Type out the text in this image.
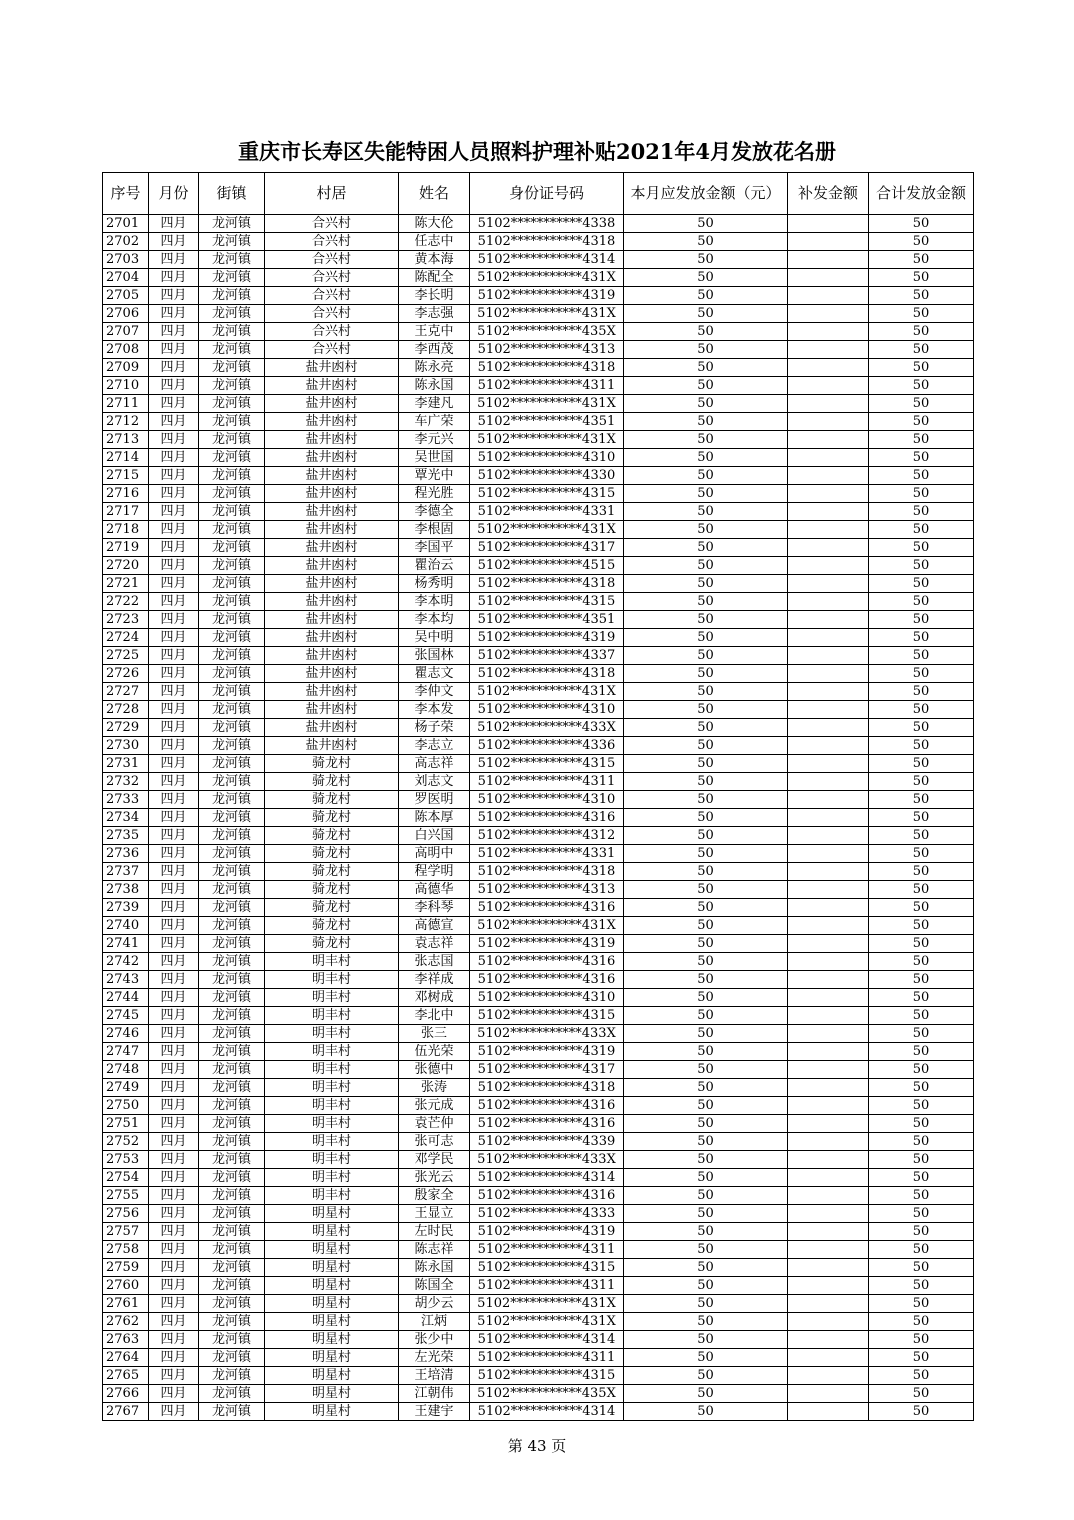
重庆市长寿区失能特困人员照料护理补贴2021年4月发放花名册
序号	月份	街镇	村居	姓名	身份证号码	本月应发放金额（元）	补发金额	合计发放金额
2701	四月	龙河镇	合兴村	陈大伦	5102***********4338	50		50
2702	四月	龙河镇	合兴村	任志中	5102***********4318	50		50
2703	四月	龙河镇	合兴村	黄本海	5102***********4314	50		50
2704	四月	龙河镇	合兴村	陈配全	5102***********431X	50		50
2705	四月	龙河镇	合兴村	李长明	5102***********4319	50		50
2706	四月	龙河镇	合兴村	李志强	5102***********431X	50		50
2707	四月	龙河镇	合兴村	王克中	5102***********435X	50		50
2708	四月	龙河镇	合兴村	李西茂	5102***********4313	50		50
2709	四月	龙河镇	盐井凼村	陈永亮	5102***********4318	50		50
2710	四月	龙河镇	盐井凼村	陈永国	5102***********4311	50		50
2711	四月	龙河镇	盐井凼村	李建凡	5102***********431X	50		50
2712	四月	龙河镇	盐井凼村	车广荣	5102***********4351	50		50
2713	四月	龙河镇	盐井凼村	李元兴	5102***********431X	50		50
2714	四月	龙河镇	盐井凼村	吴世国	5102***********4310	50		50
2715	四月	龙河镇	盐井凼村	覃光中	5102***********4330	50		50
2716	四月	龙河镇	盐井凼村	程光胜	5102***********4315	50		50
2717	四月	龙河镇	盐井凼村	李德全	5102***********4331	50		50
2718	四月	龙河镇	盐井凼村	李根固	5102***********431X	50		50
2719	四月	龙河镇	盐井凼村	李国平	5102***********4317	50		50
2720	四月	龙河镇	盐井凼村	瞿治云	5102***********4515	50		50
2721	四月	龙河镇	盐井凼村	杨秀明	5102***********4318	50		50
2722	四月	龙河镇	盐井凼村	李本明	5102***********4315	50		50
2723	四月	龙河镇	盐井凼村	李本均	5102***********4351	50		50
2724	四月	龙河镇	盐井凼村	吴中明	5102***********4319	50		50
2725	四月	龙河镇	盐井凼村	张国林	5102***********4337	50		50
2726	四月	龙河镇	盐井凼村	瞿志文	5102***********4318	50		50
2727	四月	龙河镇	盐井凼村	李仲文	5102***********431X	50		50
2728	四月	龙河镇	盐井凼村	李本发	5102***********4310	50		50
2729	四月	龙河镇	盐井凼村	杨子荣	5102***********433X	50		50
2730	四月	龙河镇	盐井凼村	李志立	5102***********4336	50		50
2731	四月	龙河镇	骑龙村	高志祥	5102***********4315	50		50
2732	四月	龙河镇	骑龙村	刘志文	5102***********4311	50		50
2733	四月	龙河镇	骑龙村	罗医明	5102***********4310	50		50
2734	四月	龙河镇	骑龙村	陈本厚	5102***********4316	50		50
2735	四月	龙河镇	骑龙村	白兴国	5102***********4312	50		50
2736	四月	龙河镇	骑龙村	高明中	5102***********4331	50		50
2737	四月	龙河镇	骑龙村	程学明	5102***********4318	50		50
2738	四月	龙河镇	骑龙村	高德华	5102***********4313	50		50
2739	四月	龙河镇	骑龙村	李科琴	5102***********4316	50		50
2740	四月	龙河镇	骑龙村	高德宣	5102***********431X	50		50
2741	四月	龙河镇	骑龙村	袁志祥	5102***********4319	50		50
2742	四月	龙河镇	明丰村	张志国	5102***********4316	50		50
2743	四月	龙河镇	明丰村	李祥成	5102***********4316	50		50
2744	四月	龙河镇	明丰村	邓树成	5102***********4310	50		50
2745	四月	龙河镇	明丰村	李北中	5102***********4315	50		50
2746	四月	龙河镇	明丰村	张三	5102***********433X	50		50
2747	四月	龙河镇	明丰村	伍光荣	5102***********4319	50		50
2748	四月	龙河镇	明丰村	张德中	5102***********4317	50		50
2749	四月	龙河镇	明丰村	张涛	5102***********4318	50		50
2750	四月	龙河镇	明丰村	张元成	5102***********4316	50		50
2751	四月	龙河镇	明丰村	袁芒仲	5102***********4316	50		50
2752	四月	龙河镇	明丰村	张可志	5102***********4339	50		50
2753	四月	龙河镇	明丰村	邓学民	5102***********433X	50		50
2754	四月	龙河镇	明丰村	张光云	5102***********4314	50		50
2755	四月	龙河镇	明丰村	殷家全	5102***********4316	50		50
2756	四月	龙河镇	明星村	王显立	5102***********4333	50		50
2757	四月	龙河镇	明星村	左时民	5102***********4319	50		50
2758	四月	龙河镇	明星村	陈志祥	5102***********4311	50		50
2759	四月	龙河镇	明星村	陈永国	5102***********4315	50		50
2760	四月	龙河镇	明星村	陈国全	5102***********4311	50		50
2761	四月	龙河镇	明星村	胡少云	5102***********431X	50		50
2762	四月	龙河镇	明星村	江炳	5102***********431X	50		50
2763	四月	龙河镇	明星村	张少中	5102***********4314	50		50
2764	四月	龙河镇	明星村	左光荣	5102***********4311	50		50
2765	四月	龙河镇	明星村	王培清	5102***********4315	50		50
2766	四月	龙河镇	明星村	江朝伟	5102***********435X	50		50
2767	四月	龙河镇	明星村	王建宇	5102***********4314	50		50
第 43 页
